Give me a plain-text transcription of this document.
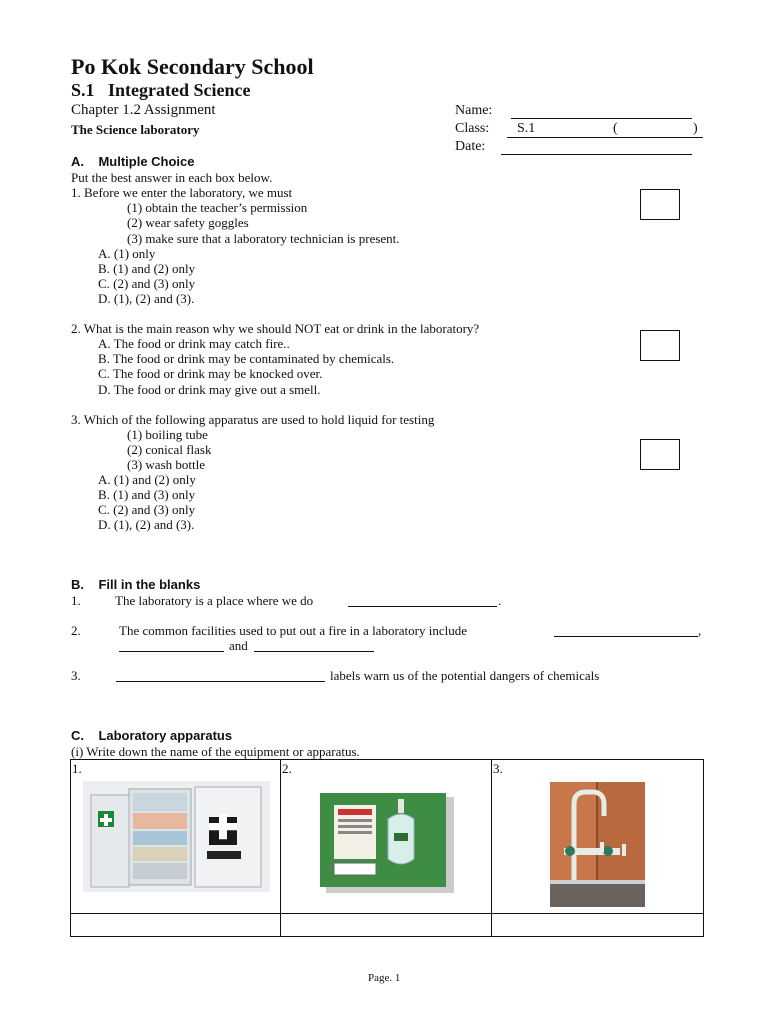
Po Kok Secondary School
S.1   Integrated Science
Chapter 1.2 Assignment
The Science laboratory
Name:
Class: S.1	(	)
Date:
A.    Multiple Choice
Put the best answer in each box below.
1. Before we enter the laboratory, we must
(1) obtain the teacher’s permission
(2) wear safety goggles
(3) make sure that a laboratory technician is present.
A. (1) only
B. (1) and (2) only
C. (2) and (3) only
D. (1), (2) and (3).
2. What is the main reason why we should NOT eat or drink in the laboratory?
A. The food or drink may catch fire..
B. The food or drink may be contaminated by chemicals.
C. The food or drink may be knocked over.
D. The food or drink may give out a smell.
3. Which of the following apparatus are used to hold liquid for testing
(1) boiling tube
(2) conical flask
(3) wash bottle
A. (1) and (2) only
B. (1) and (3) only
C. (2) and (3) only
D. (1), (2) and (3).
B.    Fill in the blanks
1.	The laboratory is a place where we do	.
2.	The common facilities used to put out a fire in a laboratory include	,
and
3.	labels warn us of the potential dangers of chemicals
C.    Laboratory apparatus
(i) Write down the name of the equipment or apparatus.
1.	2.	3.
Page. 1
